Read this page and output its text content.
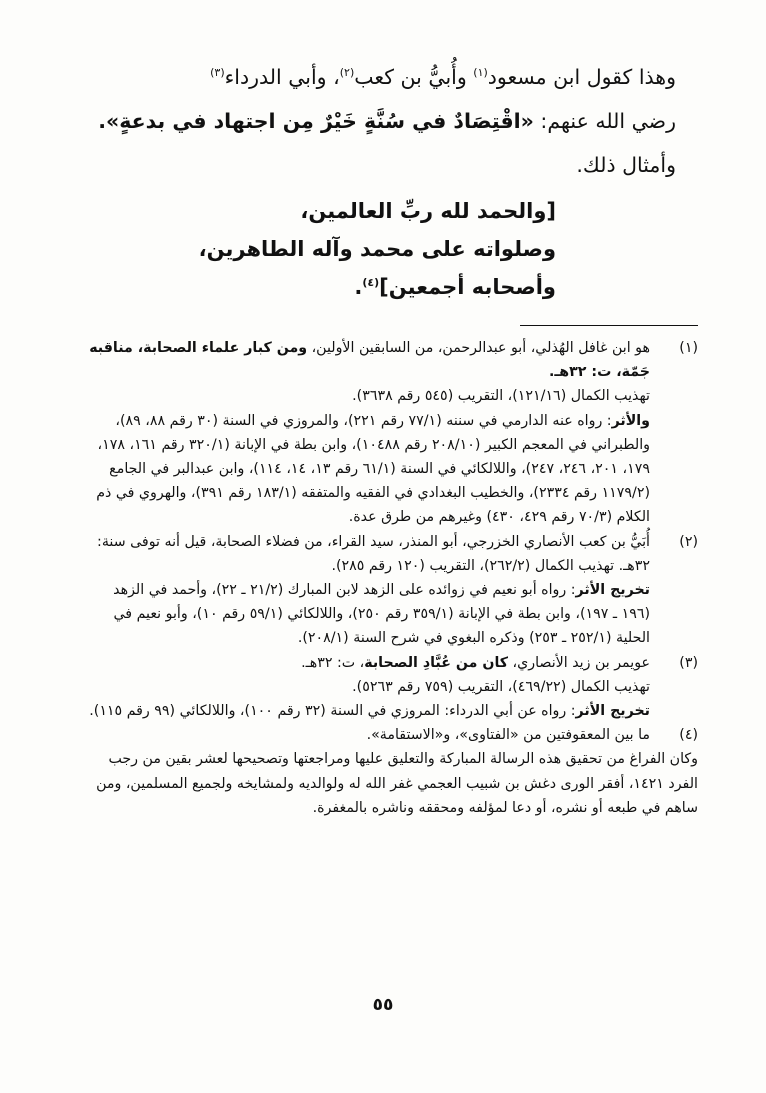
وهذا كقول ابن مسعود$^{(١)}$ وأُبيُّ بن كعب$^{(٢)}$، وأبي الدرداء$^{(٣)}$

رضي الله عنهم: «اقْتِصَادٌ في سُنَّةٍ خَيْرٌ مِن اجتهاد في بدعةٍ».

وأمثال ذلك.

[والحمد لله ربِّ العالمين،

وصلواته على محمد وآله الطاهرين،

وأصحابه أجمعين]$^{(٤)}$.

(١)

هو ابن غافل الهُذلي، أبو عبدالرحمن، من السابقين الأولين، ومن كبار علماء الصحابة، مناقبه جَمّة، ت: ٣٢هـ.

تهذيب الكمال (١٢١/١٦)، التقريب (٥٤٥ رقم ٣٦٣٨).

والأثر: رواه عنه الدارمي في سننه (٧٧/١ رقم ٢٢١)، والمروزي في السنة (٣٠ رقم ٨٨، ٨٩)، والطبراني في المعجم الكبير (٢٠٨/١٠ رقم ١٠٤٨٨)، وابن بطة في الإبانة (٣٢٠/١ رقم ١٦١، ١٧٨، ١٧٩، ٢٠١، ٢٤٦، ٢٤٧)، واللالكائي في السنة (٦١/١ رقم ١٣، ١٤، ١١٤)، وابن عبدالبر في الجامع (١١٧٩/٢ رقم ٢٣٣٤)، والخطيب البغدادي في الفقيه والمتفقه (١٨٣/١ رقم ٣٩١)، والهروي في ذم الكلام (٧٠/٣ رقم ٤٢٩، ٤٣٠) وغيرهم من طرق عدة.

(٢)

أُبَيُّ بن كعب الأنصاري الخزرجي، أبو المنذر، سيد القراء، من فضلاء الصحابة، قيل أنه توفى سنة: ٣٢هـ. تهذيب الكمال (٢٦٢/٢)، التقريب (١٢٠ رقم ٢٨٥).

تخريج الأثر: رواه أبو نعيم في زوائده على الزهد لابن المبارك (٢١/٢ ـ ٢٢)، وأحمد في الزهد (١٩٦ ـ ١٩٧)، وابن بطة في الإبانة (٣٥٩/١ رقم ٢٥٠)، واللالكائي (٥٩/١ رقم ١٠)، وأبو نعيم في الحلية (٢٥٢/١ ـ ٢٥٣) وذكره البغوي في شرح السنة (٢٠٨/١).

(٣)

عويمر بن زيد الأنصاري، كان من عُبَّادِ الصحابة، ت: ٣٢هـ.

تهذيب الكمال (٤٦٩/٢٢)، التقريب (٧٥٩ رقم ٥٢٦٣).

تخريج الأثر: رواه عن أبي الدرداء: المروزي في السنة (٣٢ رقم ١٠٠)، واللالكائي (٩٩ رقم ١١٥).

(٤)

ما بين المعقوفتين من «الفتاوى»، و«الاستقامة».

وكان الفراغ من تحقيق هذه الرسالة المباركة والتعليق عليها ومراجعتها وتصحيحها لعشر بقين من رجب الفرد ١٤٢١، أفقر الورى دغش بن شبيب العجمي غفر الله له ولوالديه ولمشايخه ولجميع المسلمين، ومن ساهم في طبعه أو نشره، أو دعا لمؤلفه ومحققه وناشره بالمغفرة.

٥٥
